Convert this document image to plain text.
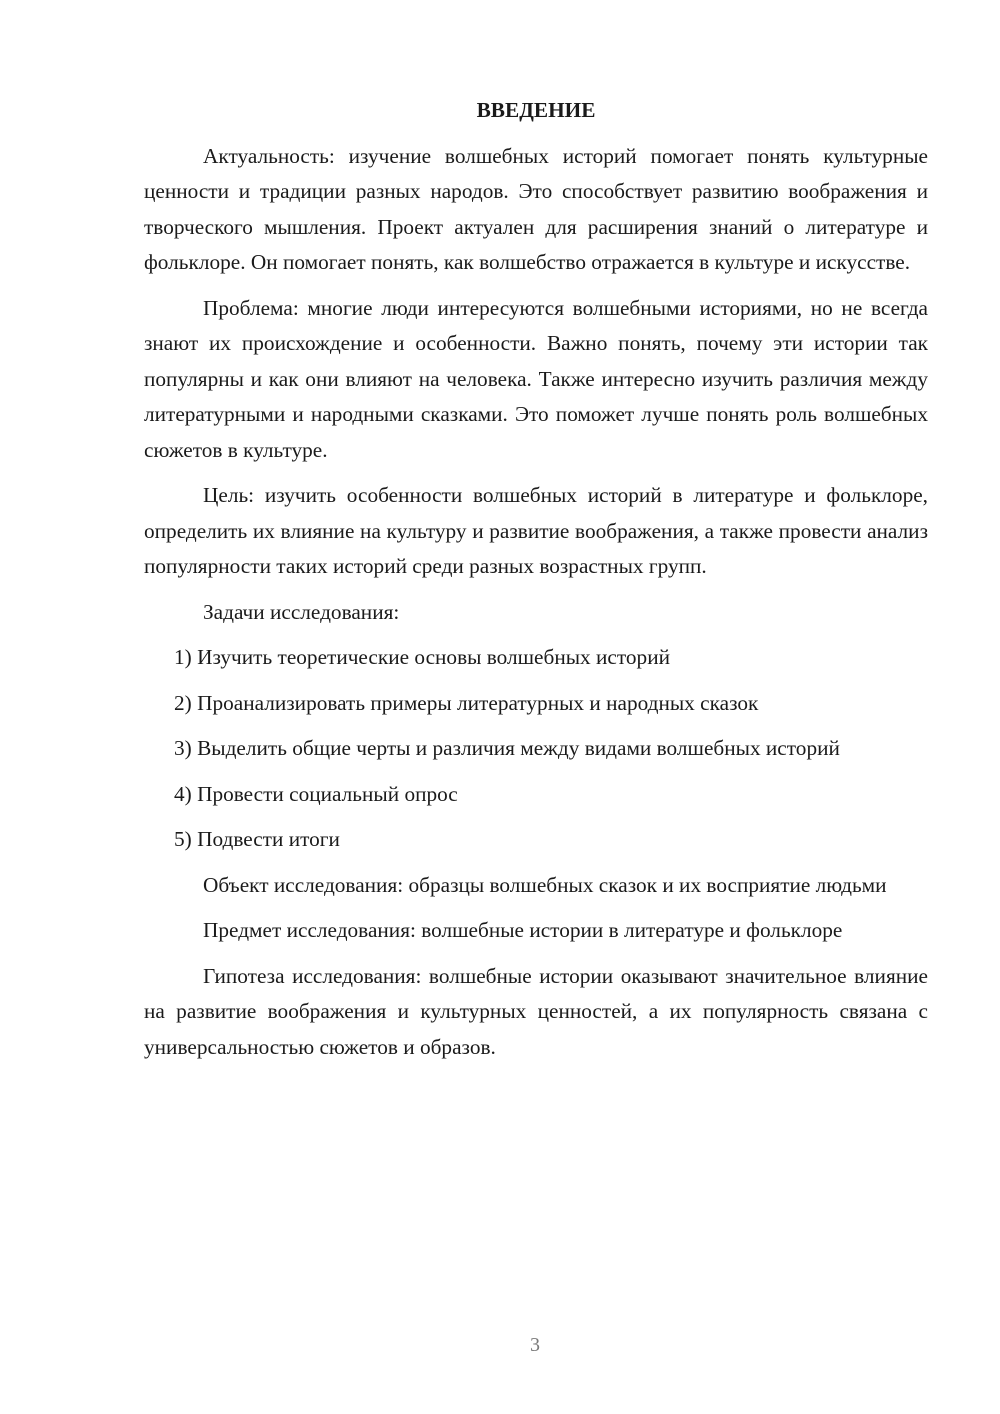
ВВЕДЕНИЕ

Актуальность: изучение волшебных историй помогает понять культурные ценности и традиции разных народов. Это способствует развитию воображения и творческого мышления. Проект актуален для расширения знаний о литературе и фольклоре. Он помогает понять, как волшебство отражается в культуре и искусстве.

Проблема: многие люди интересуются волшебными историями, но не всегда знают их происхождение и особенности. Важно понять, почему эти истории так популярны и как они влияют на человека. Также интересно изучить различия между литературными и народными сказками. Это поможет лучше понять роль волшебных сюжетов в культуре.

Цель: изучить особенности волшебных историй в литературе и фольклоре, определить их влияние на культуру и развитие воображения, а также провести анализ популярности таких историй среди разных возрастных групп.

Задачи исследования:

1) Изучить теоретические основы волшебных историй

2) Проанализировать примеры литературных и народных сказок

3) Выделить общие черты и различия между видами волшебных историй

4) Провести социальный опрос

5) Подвести итоги

Объект исследования: образцы волшебных сказок и их восприятие людьми

Предмет исследования: волшебные истории в литературе и фольклоре

Гипотеза исследования: волшебные истории оказывают значительное влияние на развитие воображения и культурных ценностей, а их популярность связана с универсальностью сюжетов и образов.

3
